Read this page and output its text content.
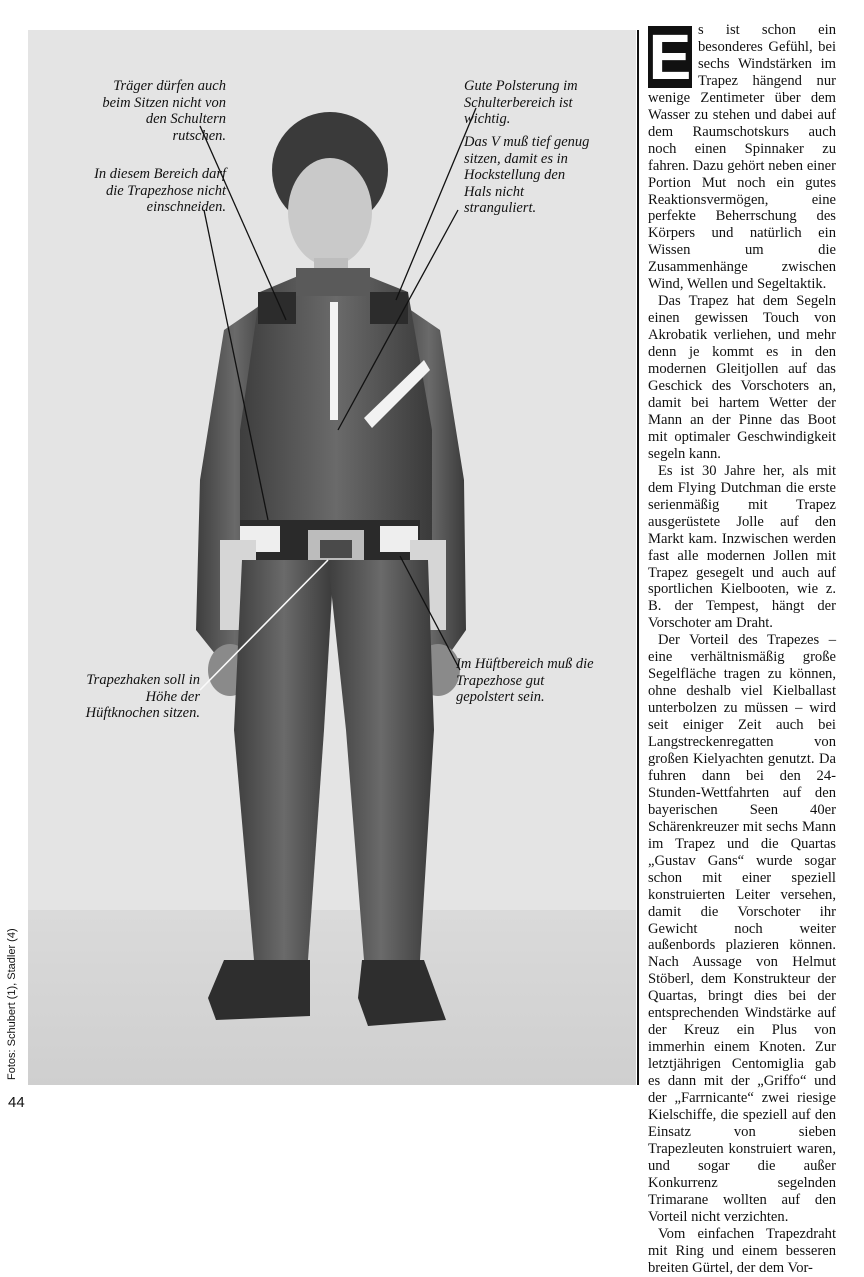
Träger dürfen auch beim Sitzen nicht von den Schultern rutschen.
Gute Polsterung im Schulterbereich ist wichtig.
In diesem Bereich darf die Trapezhose nicht einschneiden.
Das V muß tief genug sitzen, damit es in Hockstellung den Hals nicht stranguliert.
Trapezhaken soll in Höhe der Hüftknochen sitzen.
Im Hüftbereich muß die Trapezhose gut gepolstert sein.
Fotos: Schubert (1), Stadler (4)
44
E s ist schon ein besonderes Gefühl, bei sechs Windstärken im Trapez hängend nur wenige Zentimeter über dem Wasser zu stehen und dabei auf dem Raumschotskurs auch noch einen Spinnaker zu fahren. Dazu gehört neben einer Portion Mut noch ein gutes Reaktionsvermögen, eine perfekte Beherrschung des Körpers und natürlich ein Wissen um die Zusammenhänge zwischen Wind, Wellen und Segeltaktik.

Das Trapez hat dem Segeln einen gewissen Touch von Akrobatik verliehen, und mehr denn je kommt es in den modernen Gleitjollen auf das Geschick des Vorschoters an, damit bei hartem Wetter der Mann an der Pinne das Boot mit optimaler Geschwindigkeit segeln kann.

Es ist 30 Jahre her, als mit dem Flying Dutchman die erste serienmäßig mit Trapez ausgerüstete Jolle auf den Markt kam. Inzwischen werden fast alle modernen Jollen mit Trapez gesegelt und auch auf sportlichen Kielbooten, wie z. B. der Tempest, hängt der Vorschoter am Draht.

Der Vorteil des Trapezes – eine verhältnismäßig große Segelfläche tragen zu können, ohne deshalb viel Kielballast unterbolzen zu müssen – wird seit einiger Zeit auch bei Langstreckenregatten von großen Kielyachten genutzt. Da fuhren dann bei den 24-Stunden-Wettfahrten auf den bayerischen Seen 40er Schärenkreuzer mit sechs Mann im Trapez und die Quartas „Gustav Gans“ wurde sogar schon mit einer speziell konstruierten Leiter versehen, damit die Vorschoter ihr Gewicht noch weiter außenbords plazieren können. Nach Aussage von Helmut Stöberl, dem Konstrukteur der Quartas, bringt dies bei der entsprechenden Windstärke auf der Kreuz ein Plus von immerhin einem Knoten. Zur letztjährigen Centomiglia gab es dann mit der „Griffo“ und der „Farrnicante“ zwei riesige Kielschiffe, die speziell auf den Einsatz von sieben Trapezleuten konstruiert waren, und sogar die außer Konkurrenz segelnden Trimarane wollten auf den Vorteil nicht verzichten.

Vom einfachen Trapezdraht mit Ring und einem besseren breiten Gürtel, der dem Vor-
